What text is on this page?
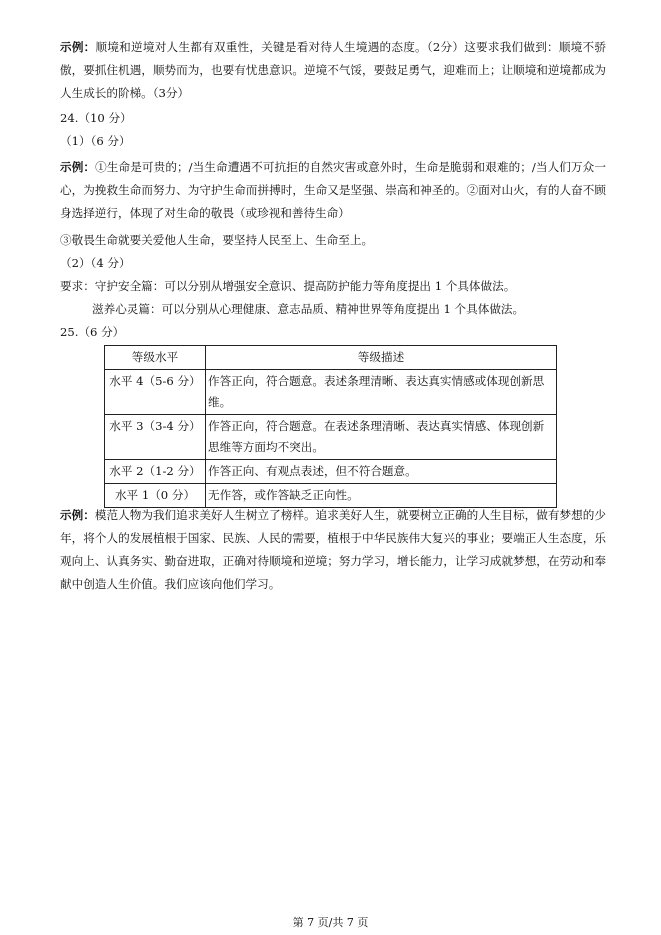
示例：顺境和逆境对人生都有双重性，关键是看对待人生境遇的态度。（2分）这要求我们做到：顺境不骄傲，要抓住机遇，顺势而为，也要有忧患意识。逆境不气馁，要鼓足勇气，迎难而上；让顺境和逆境都成为人生成长的阶梯。（3分）
24.（10 分）
（1）（6 分）
示例：①生命是可贵的；/当生命遭遇不可抗拒的自然灾害或意外时，生命是脆弱和艰难的；/当人们万众一心，为挽救生命而努力、为守护生命而拼搏时，生命又是坚强、崇高和神圣的。②面对山火，有的人奋不顾身选择逆行，体现了对生命的敬畏（或珍视和善待生命）
③敬畏生命就要关爱他人生命，要坚持人民至上、生命至上。
（2）（4 分）
要求：守护安全篇：可以分别从增强安全意识、提高防护能力等角度提出 1 个具体做法。
滋养心灵篇：可以分别从心理健康、意志品质、精神世界等角度提出 1 个具体做法。
25.（6 分）
等级水平	等级描述
水平 4（5-6 分）	作答正向，符合题意。表述条理清晰、表达真实情感或体现创新思维。
水平 3（3-4 分）	作答正向，符合题意。在表述条理清晰、表达真实情感、体现创新思维等方面均不突出。
水平 2（1-2 分）	作答正向、有观点表述，但不符合题意。
水平 1（0 分）	无作答，或作答缺乏正向性。
示例：模范人物为我们追求美好人生树立了榜样。追求美好人生，就要树立正确的人生目标，做有梦想的少年，将个人的发展植根于国家、民族、人民的需要，植根于中华民族伟大复兴的事业；要端正人生态度，乐观向上、认真务实、勤奋进取，正确对待顺境和逆境；努力学习，增长能力，让学习成就梦想，在劳动和奉献中创造人生价值。我们应该向他们学习。
第 7 页/共 7 页
